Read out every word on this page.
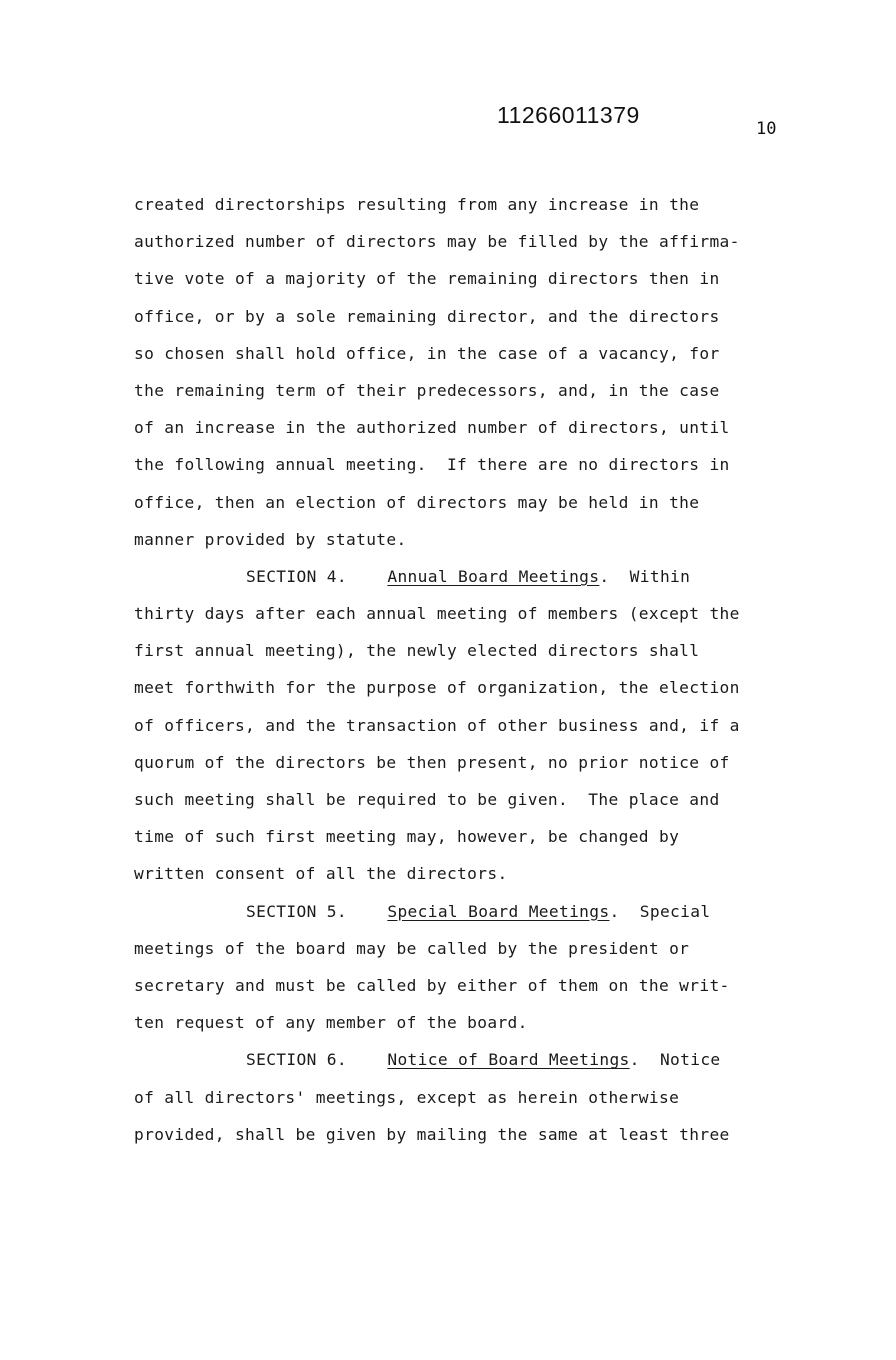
11266011379
10
created directorships resulting from any increase in the
authorized number of directors may be filled by the affirma-
tive vote of a majority of the remaining directors then in
office, or by a sole remaining director, and the directors
so chosen shall hold office, in the case of a vacancy, for
the remaining term of their predecessors, and, in the case
of an increase in the authorized number of directors, until
the following annual meeting.  If there are no directors in
office, then an election of directors may be held in the
manner provided by statute.
SECTION 4. Annual Board Meetings.  Within
thirty days after each annual meeting of members (except the
first annual meeting), the newly elected directors shall
meet forthwith for the purpose of organization, the election
of officers, and the transaction of other business and, if a
quorum of the directors be then present, no prior notice of
such meeting shall be required to be given.  The place and
time of such first meeting may, however, be changed by
written consent of all the directors.
SECTION 5. Special Board Meetings.  Special
meetings of the board may be called by the president or
secretary and must be called by either of them on the writ-
ten request of any member of the board.
SECTION 6. Notice of Board Meetings.  Notice
of all directors' meetings, except as herein otherwise
provided, shall be given by mailing the same at least three
